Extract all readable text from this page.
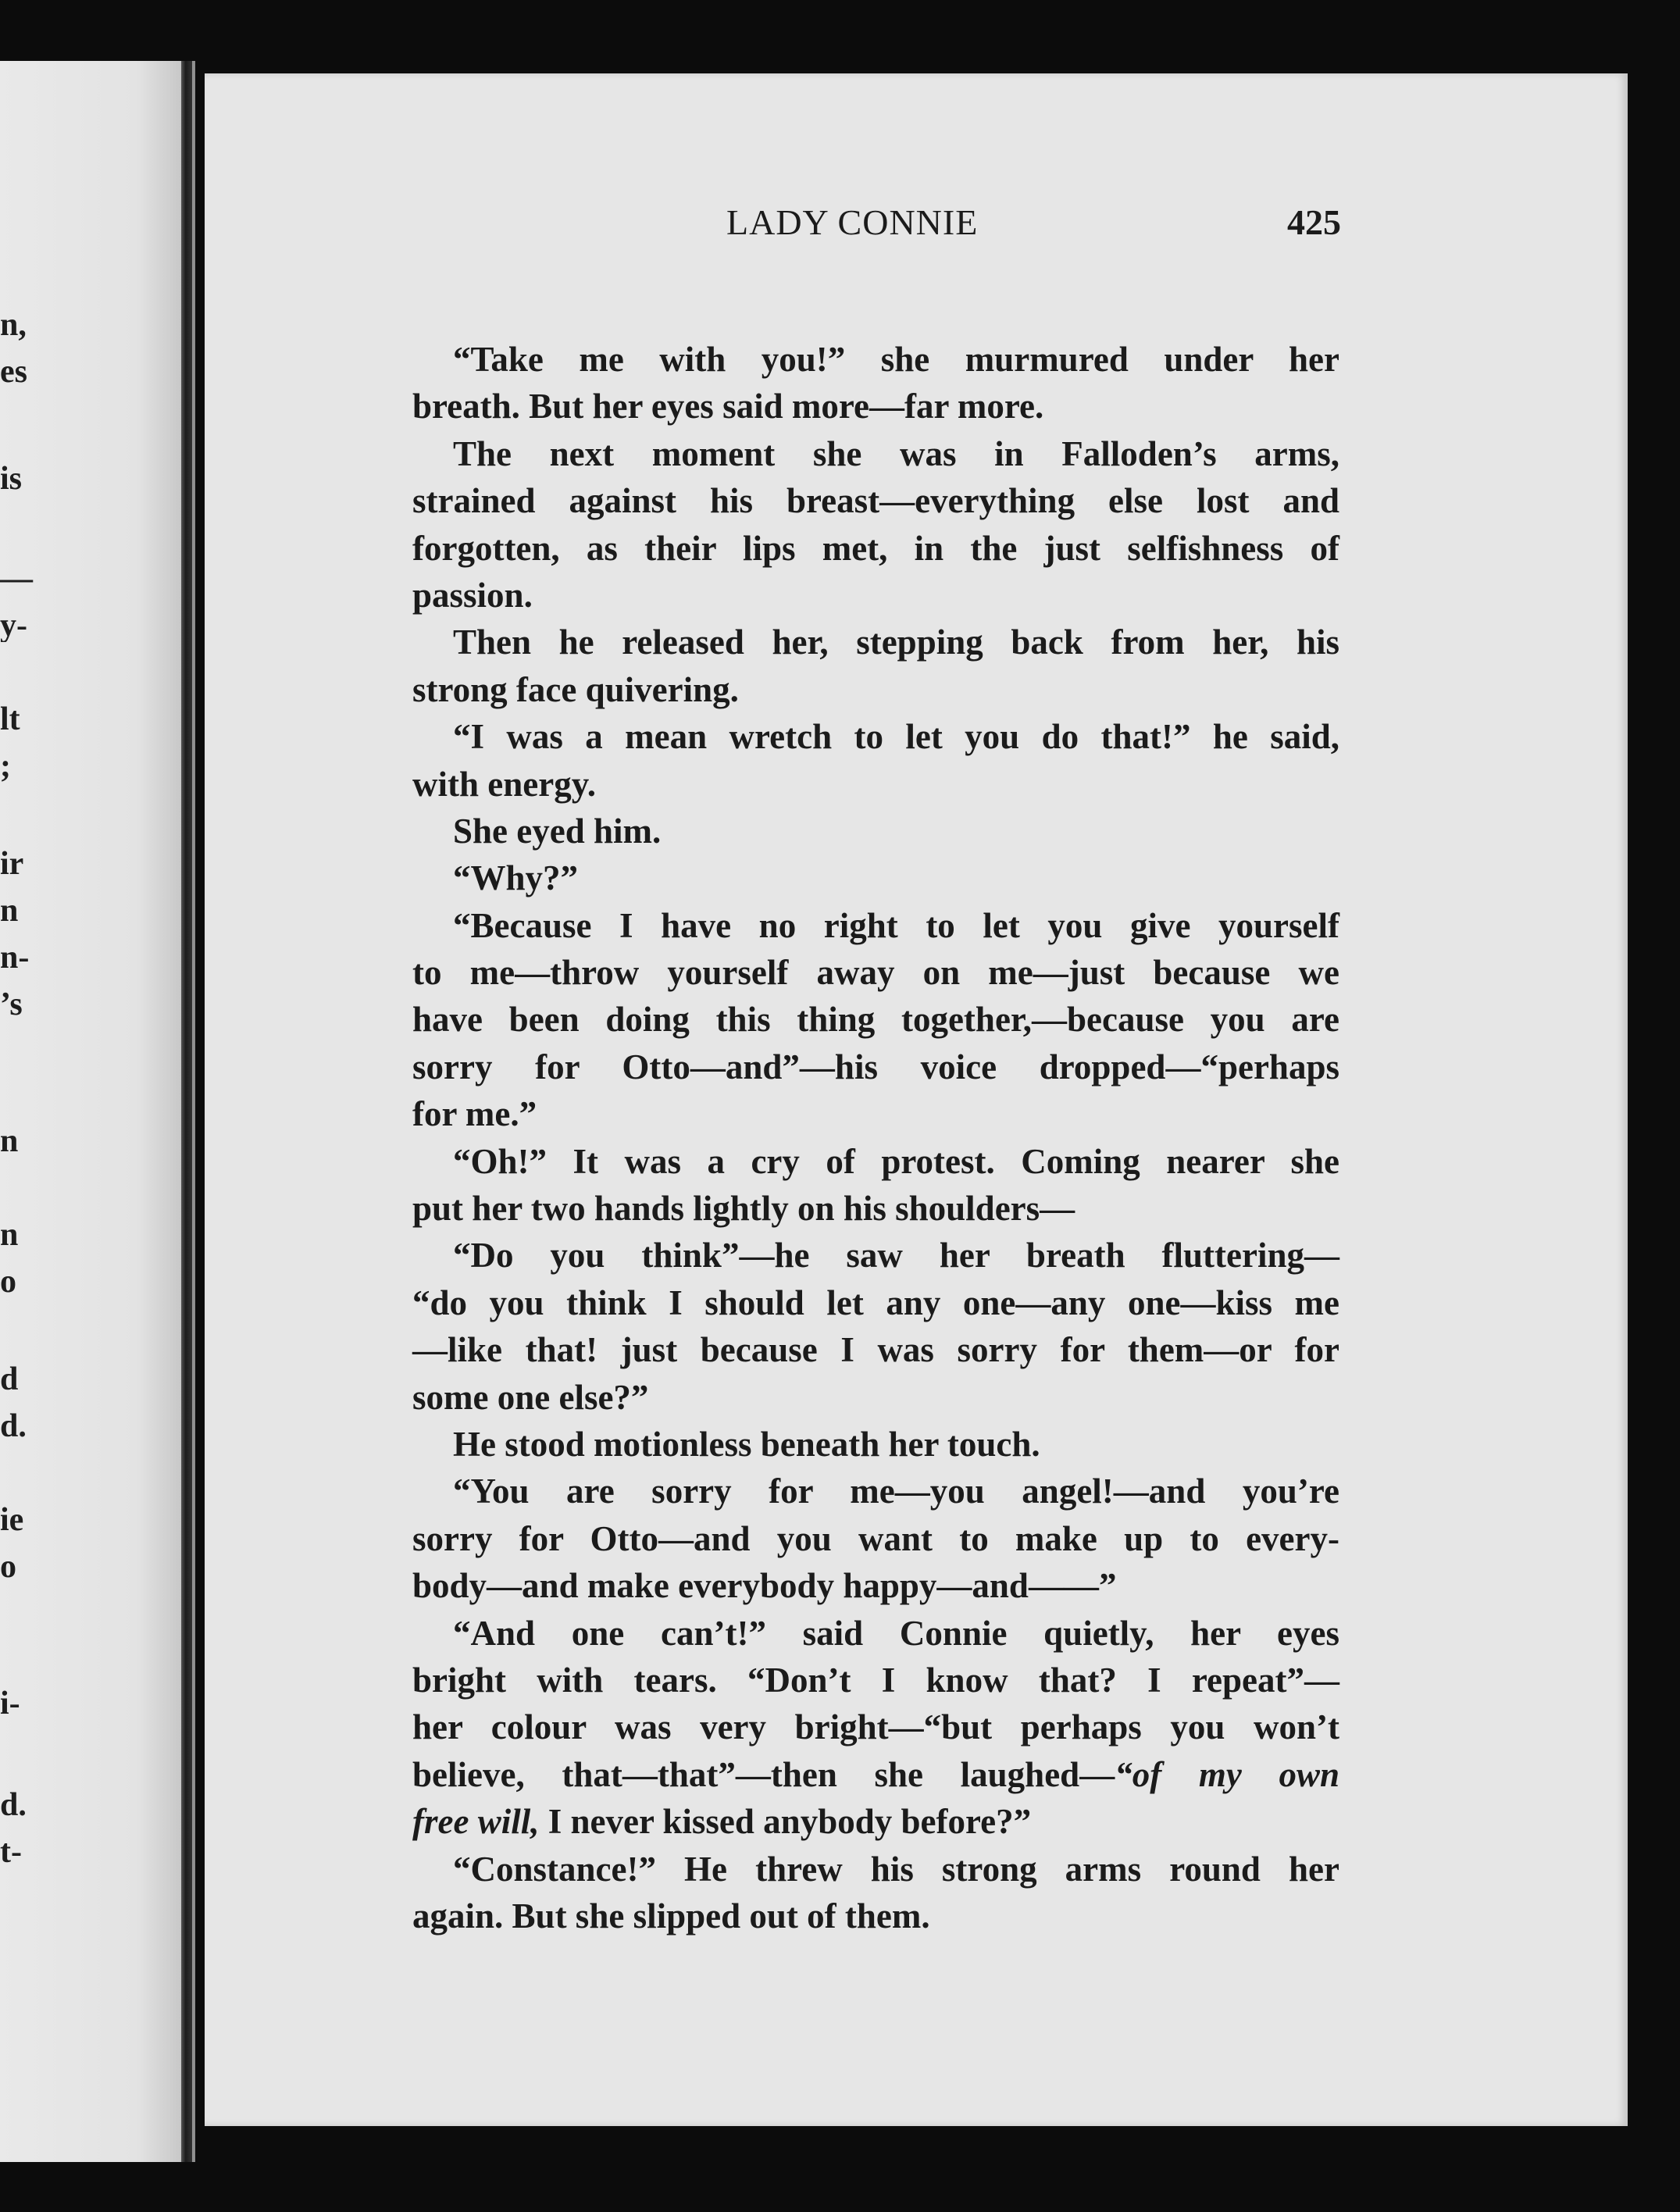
n,
es
is
—
y-
lt
;
ir
n
n-
’s
n
n
o
d
d.
ie
o
i-
d.
t-
LADY CONNIE	425
“Take me with you!” she murmured under her
breath. But her eyes said more—far more.
The next moment she was in Falloden’s arms,
strained against his breast—everything else lost and
forgotten, as their lips met, in the just selfishness of
passion.
Then he released her, stepping back from her, his
strong face quivering.
“I was a mean wretch to let you do that!” he said,
with energy.
She eyed him.
“Why?”
“Because I have no right to let you give yourself
to me—throw yourself away on me—just because we
have been doing this thing together,—because you are
sorry for Otto—and”—his voice dropped—“perhaps
for me.”
“Oh!” It was a cry of protest. Coming nearer she
put her two hands lightly on his shoulders—
“Do you think”—he saw her breath fluttering—
“do you think I should let any one—any one—kiss me
—like that! just because I was sorry for them—or for
some one else?”
He stood motionless beneath her touch.
“You are sorry for me—you angel!—and you’re
sorry for Otto—and you want to make up to every-
body—and make everybody happy—and——”
“And one can’t!” said Connie quietly, her eyes
bright with tears. “Don’t I know that? I repeat”—
her colour was very bright—“but perhaps you won’t
believe, that—that”—then she laughed—“of my own
free will, I never kissed anybody before?”
“Constance!” He threw his strong arms round her
again. But she slipped out of them.
